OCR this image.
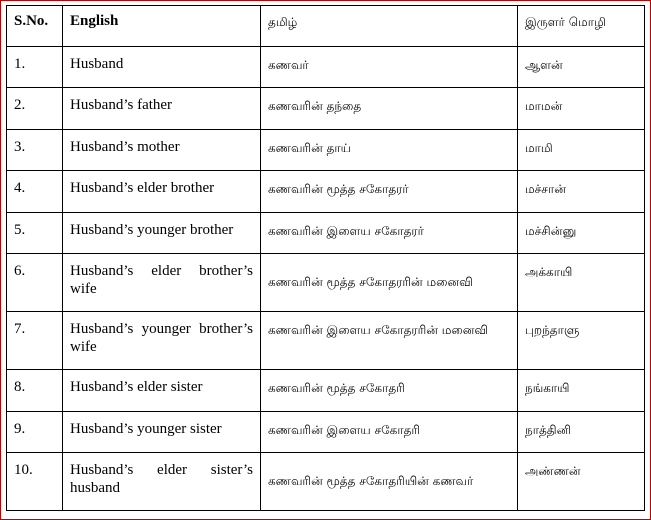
S.No.	English	தமிழ்	இருளர் மொழி
1.	Husband	கணவர்	ஆளன்
2.	Husband’s father	கணவரின் தந்தை	மாமன்
3.	Husband’s mother	கணவரின் தாய்	மாமி
4.	Husband’s elder brother	கணவரின் மூத்த சகோதரர்	மச்சான்
5.	Husband’s younger brother	கணவரின் இளைய சகோதரர்	மச்சின்னு
6.	Husband’s elder brother’s wife	கணவரின் மூத்த சகோதரரின் மனைவி	அக்காயி
7.	Husband’s younger brother’s wife	கணவரின் இளைய சகோதரரின் மனைவி	புறந்தாளு
8.	Husband’s elder sister	கணவரின் மூத்த சகோதரி	நங்காயி
9.	Husband’s younger sister	கணவரின் இளைய சகோதரி	நாத்தினி
10.	Husband’s elder sister’s husband	கணவரின் மூத்த சகோதரியின் கணவர்	அண்ணன்
